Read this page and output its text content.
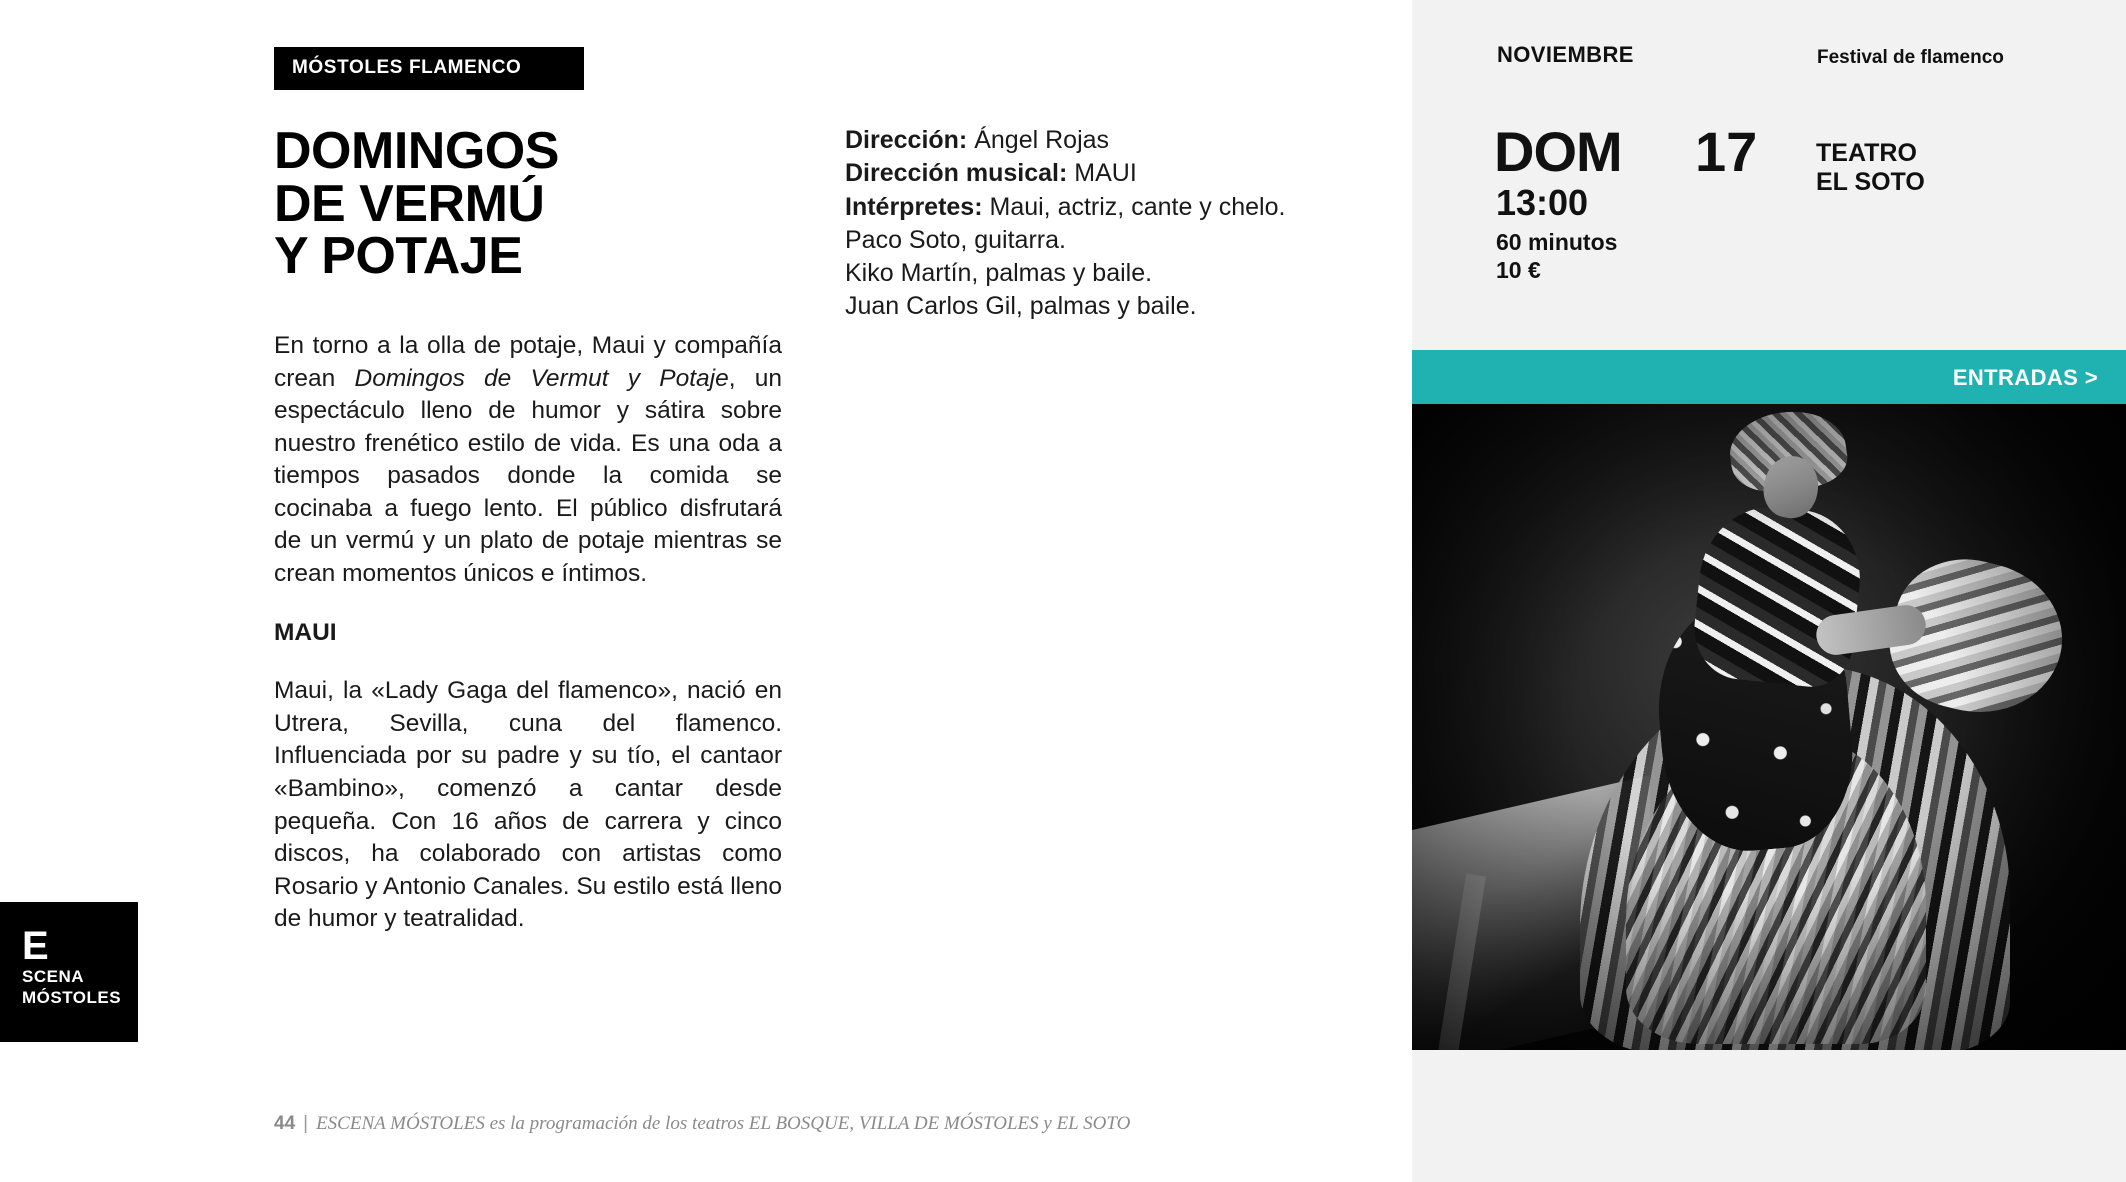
MÓSTOLES FLAMENCO
DOMINGOS
DE VERMÚ
Y POTAJE

En torno a la olla de potaje, Maui y compañía crean Domingos de Vermut y Potaje, un espectáculo lleno de humor y sátira sobre nuestro frenético estilo de vida. Es una oda a tiempos pasados donde la comida se cocinaba a fuego lento. El público disfrutará de un vermú y un plato de potaje mientras se crean momentos únicos e íntimos.

MAUI

Maui, la «Lady Gaga del flamenco», nació en Utrera, Sevilla, cuna del flamenco. Influenciada por su padre y su tío, el cantaor «Bambino», comenzó a cantar desde pequeña. Con 16 años de carrera y cinco discos, ha colaborado con artistas como Rosario y Antonio Canales. Su estilo está lleno de humor y teatralidad.

Dirección: Ángel Rojas
Dirección musical: MAUI
Intérpretes: Maui, actriz, cante y chelo.
Paco Soto, guitarra.
Kiko Martín, palmas y baile.
Juan Carlos Gil, palmas y baile.
E
SCENA
MÓSTOLES
44 | ESCENA MÓSTOLES es la programación de los teatros EL BOSQUE, VILLA DE MÓSTOLES y EL SOTO
NOVIEMBRE	Festival de flamenco
DOM 17
13:00
60 minutos
10 €
TEATRO
EL SOTO
ENTRADAS >
